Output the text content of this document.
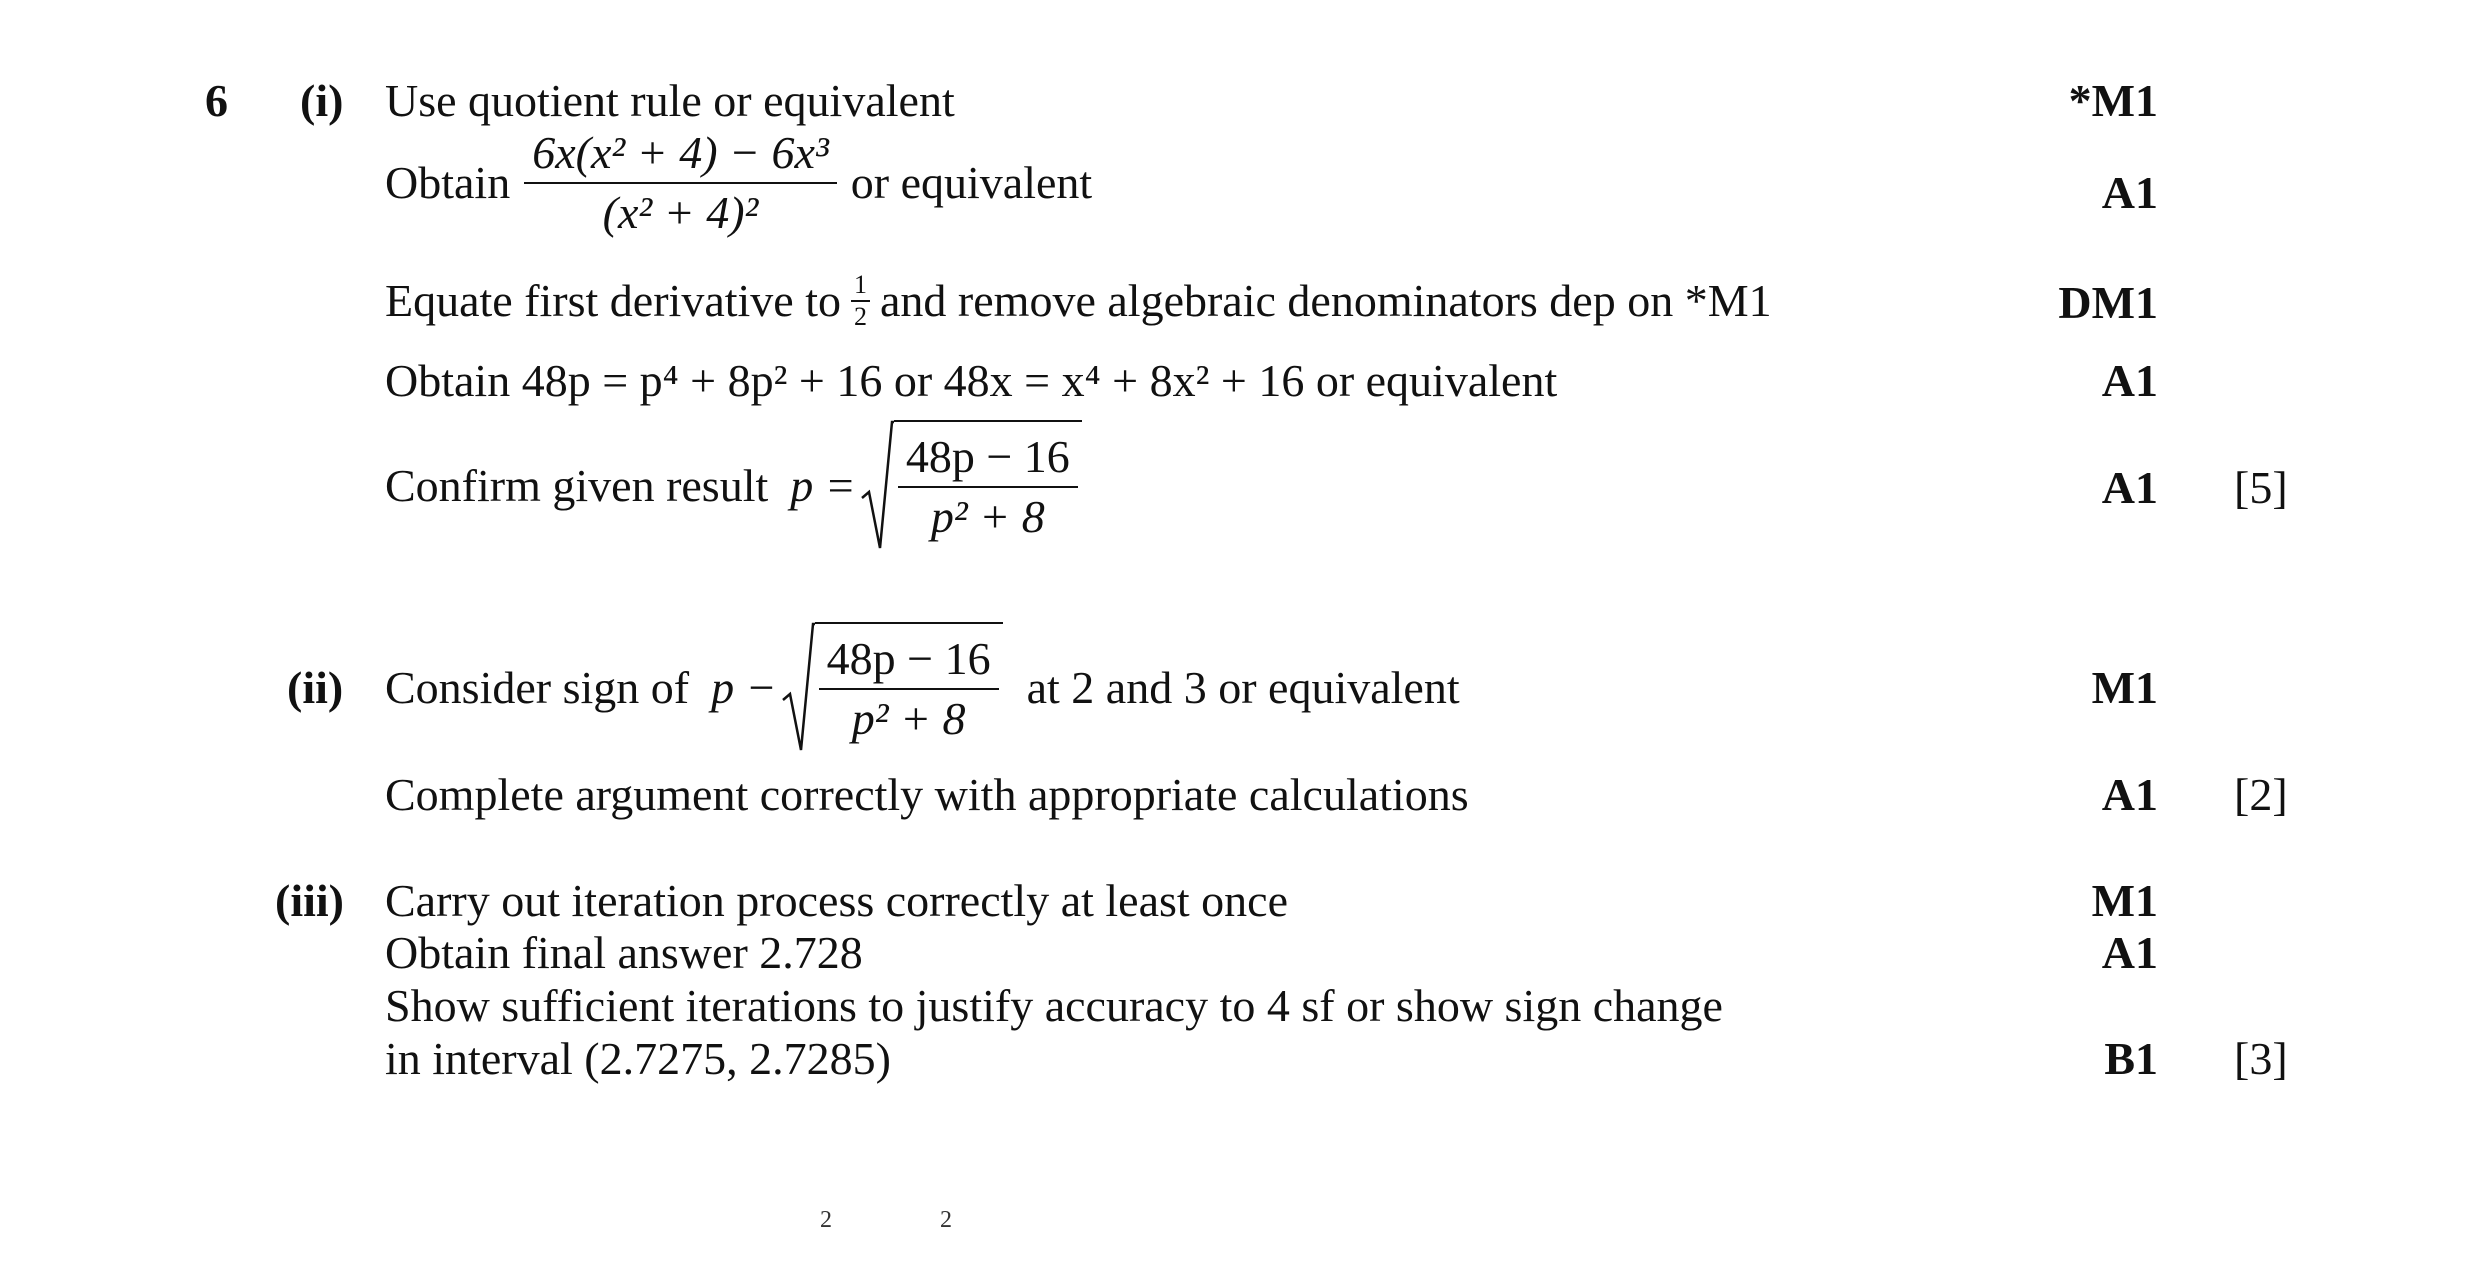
6 (i) Use quotient rule or equivalent	*M1
Obtain $\frac{\text{6x(x² + 4) − 6x³}}{\text{(x² + 4)²}}$ or equivalent	A1
Equate first derivative to $\frac{1}{2}$ and remove algebraic denominators dep on *M1	DM1
Obtain 48p = p⁴ + 8p² + 16 or 48x = x⁴ + 8x² + 16 or equivalent	A1
Confirm given result $p = \frac{48p - 16}{\text{p² + 8}}$	A1 [5]
(ii) Consider sign of $p - \frac{48p - 16}{\text{p² + 8}}$ at 2 and 3 or equivalent	M1
Complete argument correctly with appropriate calculations	A1 [2]
(iii) Carry out iteration process correctly at least once	M1
Obtain final answer 2.728	A1
Show sufficient iterations to justify accuracy to 4 sf or show sign change
in interval (2.7275, 2.7285)	B1 [3]
2                  2
